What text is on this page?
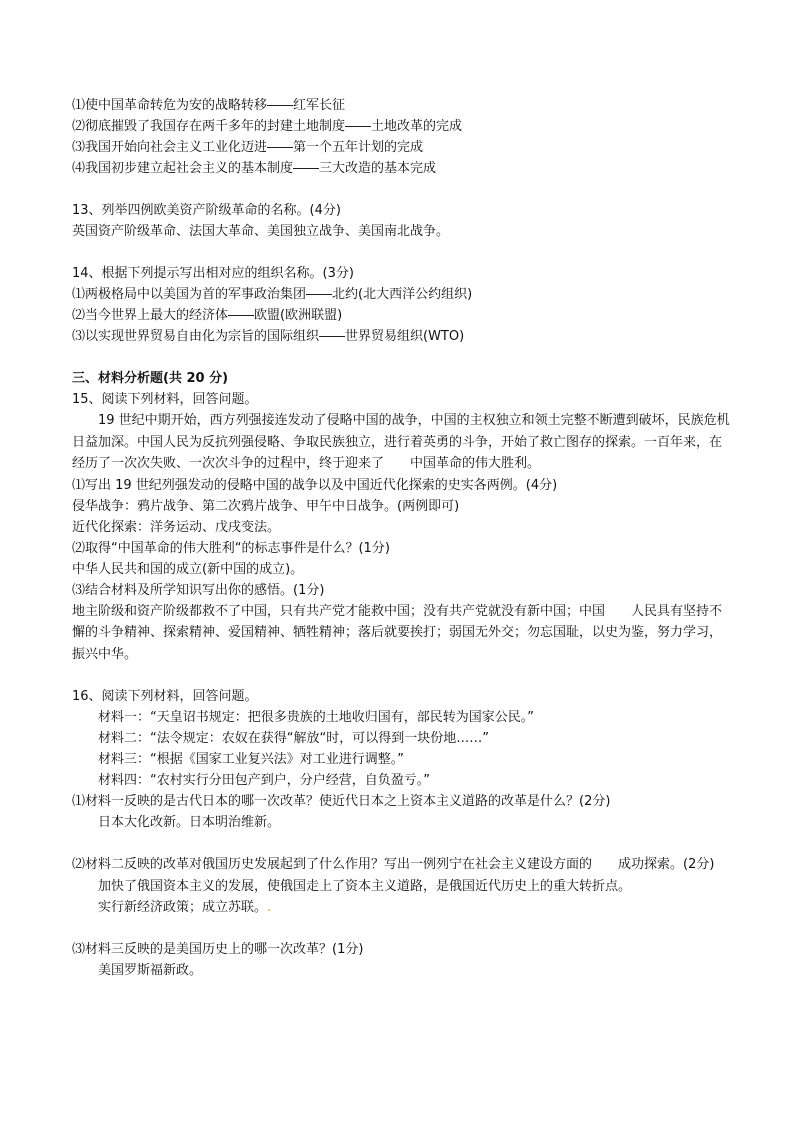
⑴使中国革命转危为安的战略转移――红军长征
⑵彻底摧毁了我国存在两千多年的封建土地制度――土地改革的完成
⑶我国开始向社会主义工业化迈进――第一个五年计划的完成
⑷我国初步建立起社会主义的基本制度――三大改造的基本完成
13、列举四例欧美资产阶级革命的名称。(4分)
英国资产阶级革命、法国大革命、美国独立战争、美国南北战争。
14、根据下列提示写出相对应的组织名称。(3分)
⑴两极格局中以美国为首的军事政治集团――北约(北大西洋公约组织)
⑵当今世界上最大的经济体――欧盟(欧洲联盟)
⑶以实现世界贸易自由化为宗旨的国际组织――世界贸易组织(WTO)
三、材料分析题(共 20 分)
15、阅读下列材料，回答问题。
19 世纪中期开始，西方列强接连发动了侵略中国的战争，中国的主权独立和领土完整不断遭到破坏，民族危机日益加深。中国人民为反抗列强侵略、争取民族独立，进行着英勇的斗争，开始了救亡图存的探索。一百年来，在经历了一次次失败、一次次斗争的过程中，终于迎来了　　中国革命的伟大胜利。
⑴写出 19 世纪列强发动的侵略中国的战争以及中国近代化探索的史实各两例。(4分)
侵华战争：鸦片战争、第二次鸦片战争、甲午中日战争。(两例即可)
近代化探索：洋务运动、戊戌变法。
⑵取得“中国革命的伟大胜利“的标志事件是什么？(1分)
中华人民共和国的成立(新中国的成立)。
⑶结合材料及所学知识写出你的感悟。(1分)
地主阶级和资产阶级都救不了中国，只有共产党才能救中国；没有共产党就没有新中国；中国　　人民具有坚持不懈的斗争精神、探索精神、爱国精神、牺牲精神；落后就要挨打；弱国无外交；勿忘国耻，以史为鉴，努力学习，振兴中华。
16、阅读下列材料，回答问题。
材料一：“天皇诏书规定：把很多贵族的土地收归国有，部民转为国家公民。”
材料二：“法令规定：农奴在获得“解放“时，可以得到一块份地……”
材料三：“根据《国家工业复兴法》对工业进行调整。”
材料四：“农村实行分田包产到户，分户经营，自负盈亏。”
⑴材料一反映的是古代日本的哪一次改革？使近代日本之上资本主义道路的改革是什么？(2分)
日本大化改新。日本明治维新。
⑵材料二反映的改革对俄国历史发展起到了什么作用？写出一例列宁在社会主义建设方面的　　成功探索。(2分)
加快了俄国资本主义的发展，使俄国走上了资本主义道路，是俄国近代历史上的重大转折点。
实行新经济政策；成立苏联。.
⑶材料三反映的是美国历史上的哪一次改革？(1分)
美国罗斯福新政。
